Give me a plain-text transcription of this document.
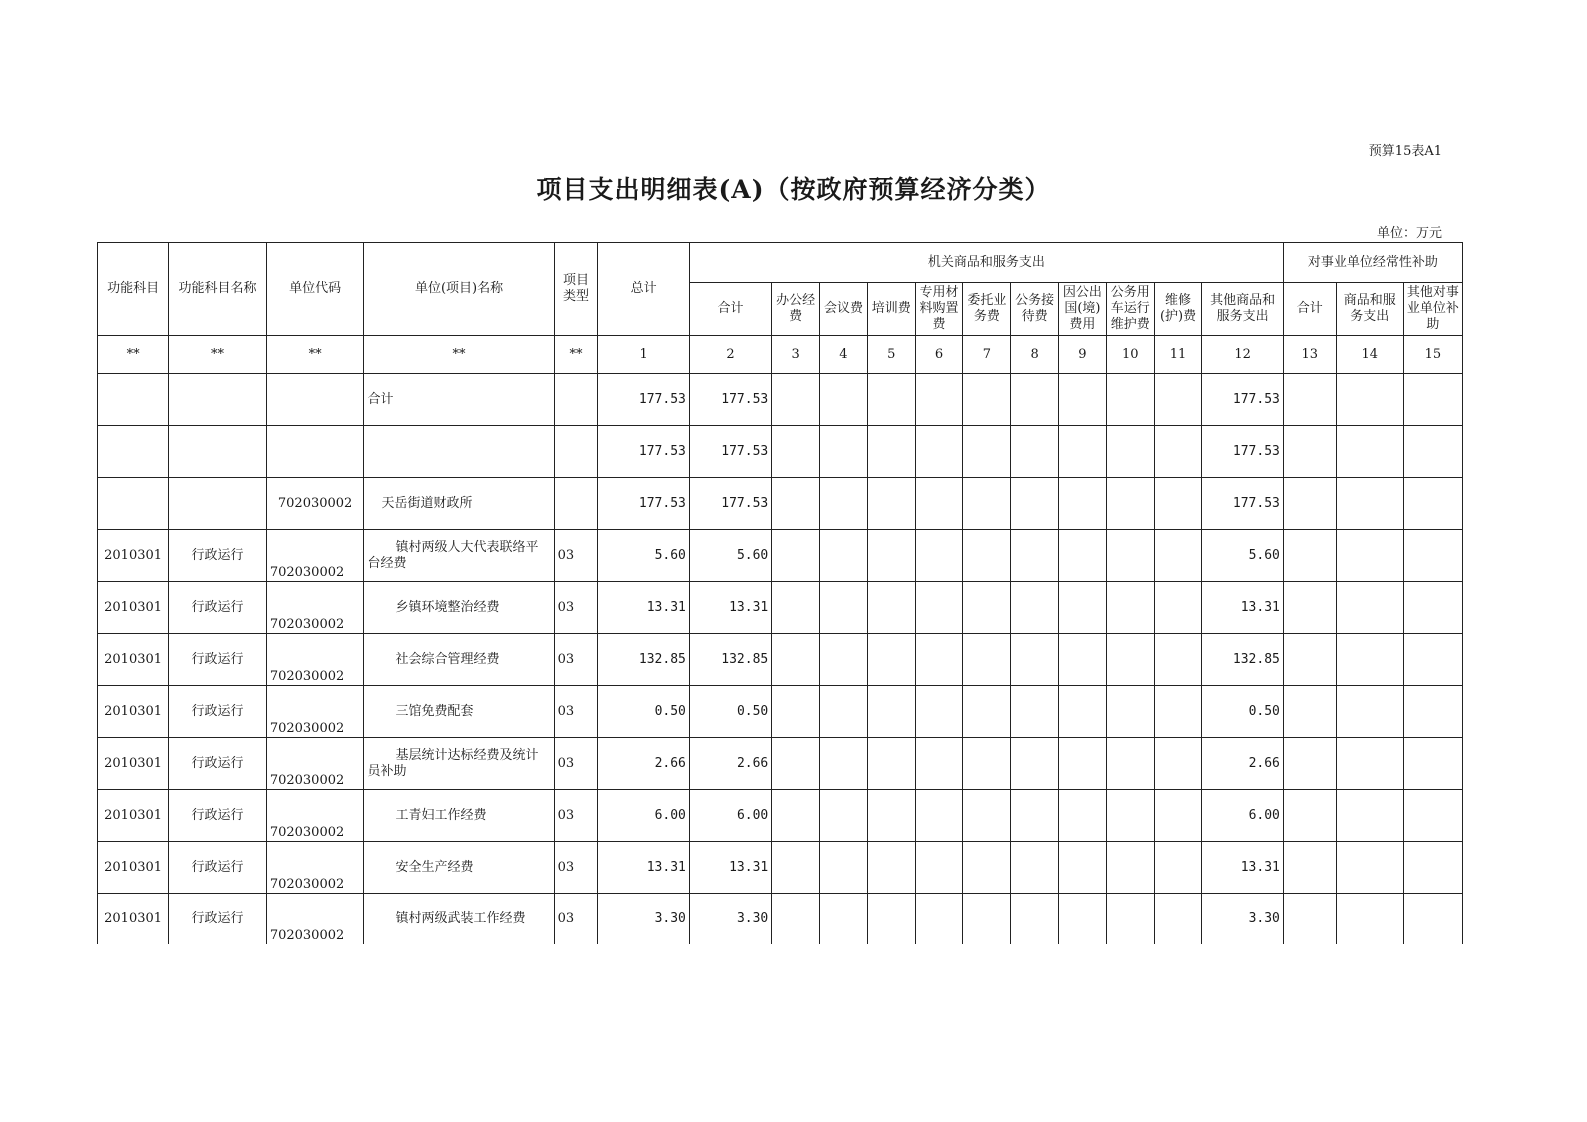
预算15表A1
项目支出明细表(A)（按政府预算经济分类）
单位：万元
功能科目	功能科目名称	单位代码	单位(项目)名称	项目类型	总计	机关商品和服务支出											对事业单位经常性补助		
						合计	办公经费	会议费	培训费	专用材料购置费	委托业务费	公务接待费	因公出国(境)费用	公务用车运行维护费	维修(护)费	其他商品和服务支出	合计	商品和服务支出	其他对事业单位补助
**	**	**	**	**	1	2	3	4	5	6	7	8	9	10	11	12	13	14	15
			合计		177.53	177.53										177.53			
					177.53	177.53										177.53			
		702030002	天岳街道财政所		177.53	177.53										177.53			
2010301	行政运行	702030002	镇村两级人大代表联络平台经费	03	5.60	5.60										5.60			
2010301	行政运行	702030002	乡镇环境整治经费	03	13.31	13.31										13.31			
2010301	行政运行	702030002	社会综合管理经费	03	132.85	132.85										132.85			
2010301	行政运行	702030002	三馆免费配套	03	0.50	0.50										0.50			
2010301	行政运行	702030002	基层统计达标经费及统计员补助	03	2.66	2.66										2.66			
2010301	行政运行	702030002	工青妇工作经费	03	6.00	6.00										6.00			
2010301	行政运行	702030002	安全生产经费	03	13.31	13.31										13.31			
2010301	行政运行	702030002	镇村两级武装工作经费	03	3.30	3.30										3.30			
